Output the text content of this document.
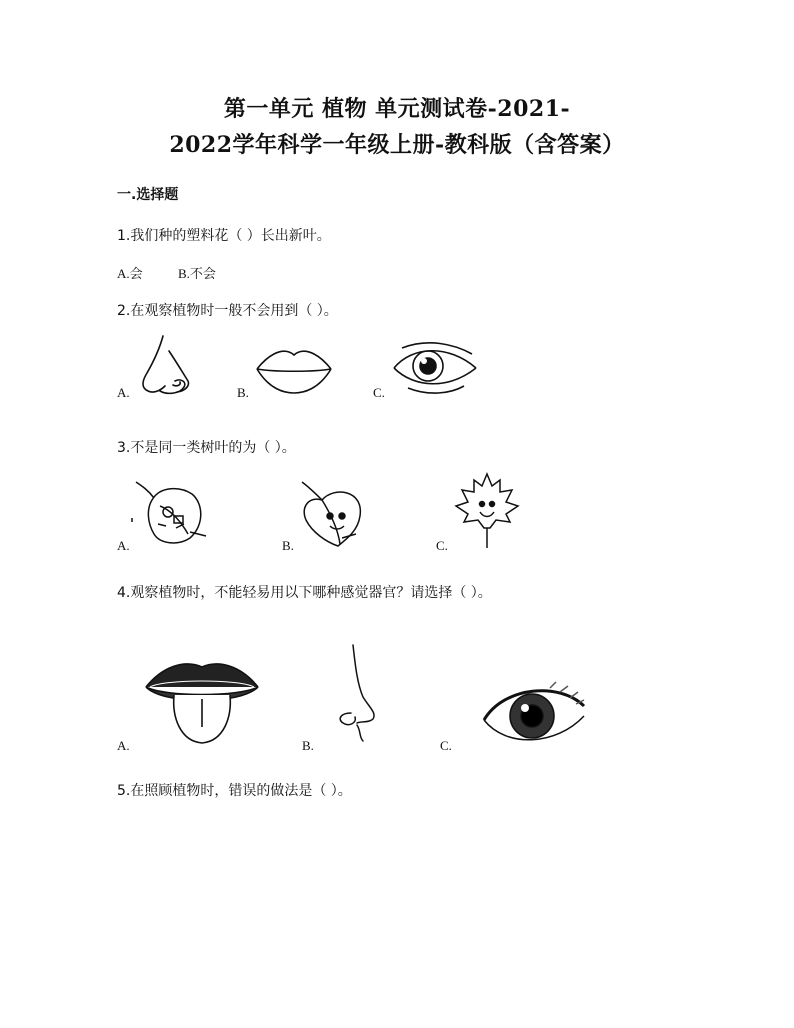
第一单元 植物 单元测试卷-2021-
2022学年科学一年级上册-教科版（含答案）
一.选择题
1.我们种的塑料花（ ）长出新叶。
A.会	B.不会
2.在观察植物时一般不会用到（ ）。
A.	B.	C.
3.不是同一类树叶的为（ ）。
A.	B.	C.
4.观察植物时，不能轻易用以下哪种感觉器官？请选择（ ）。
A.	B.	C.
5.在照顾植物时，错误的做法是（ ）。
